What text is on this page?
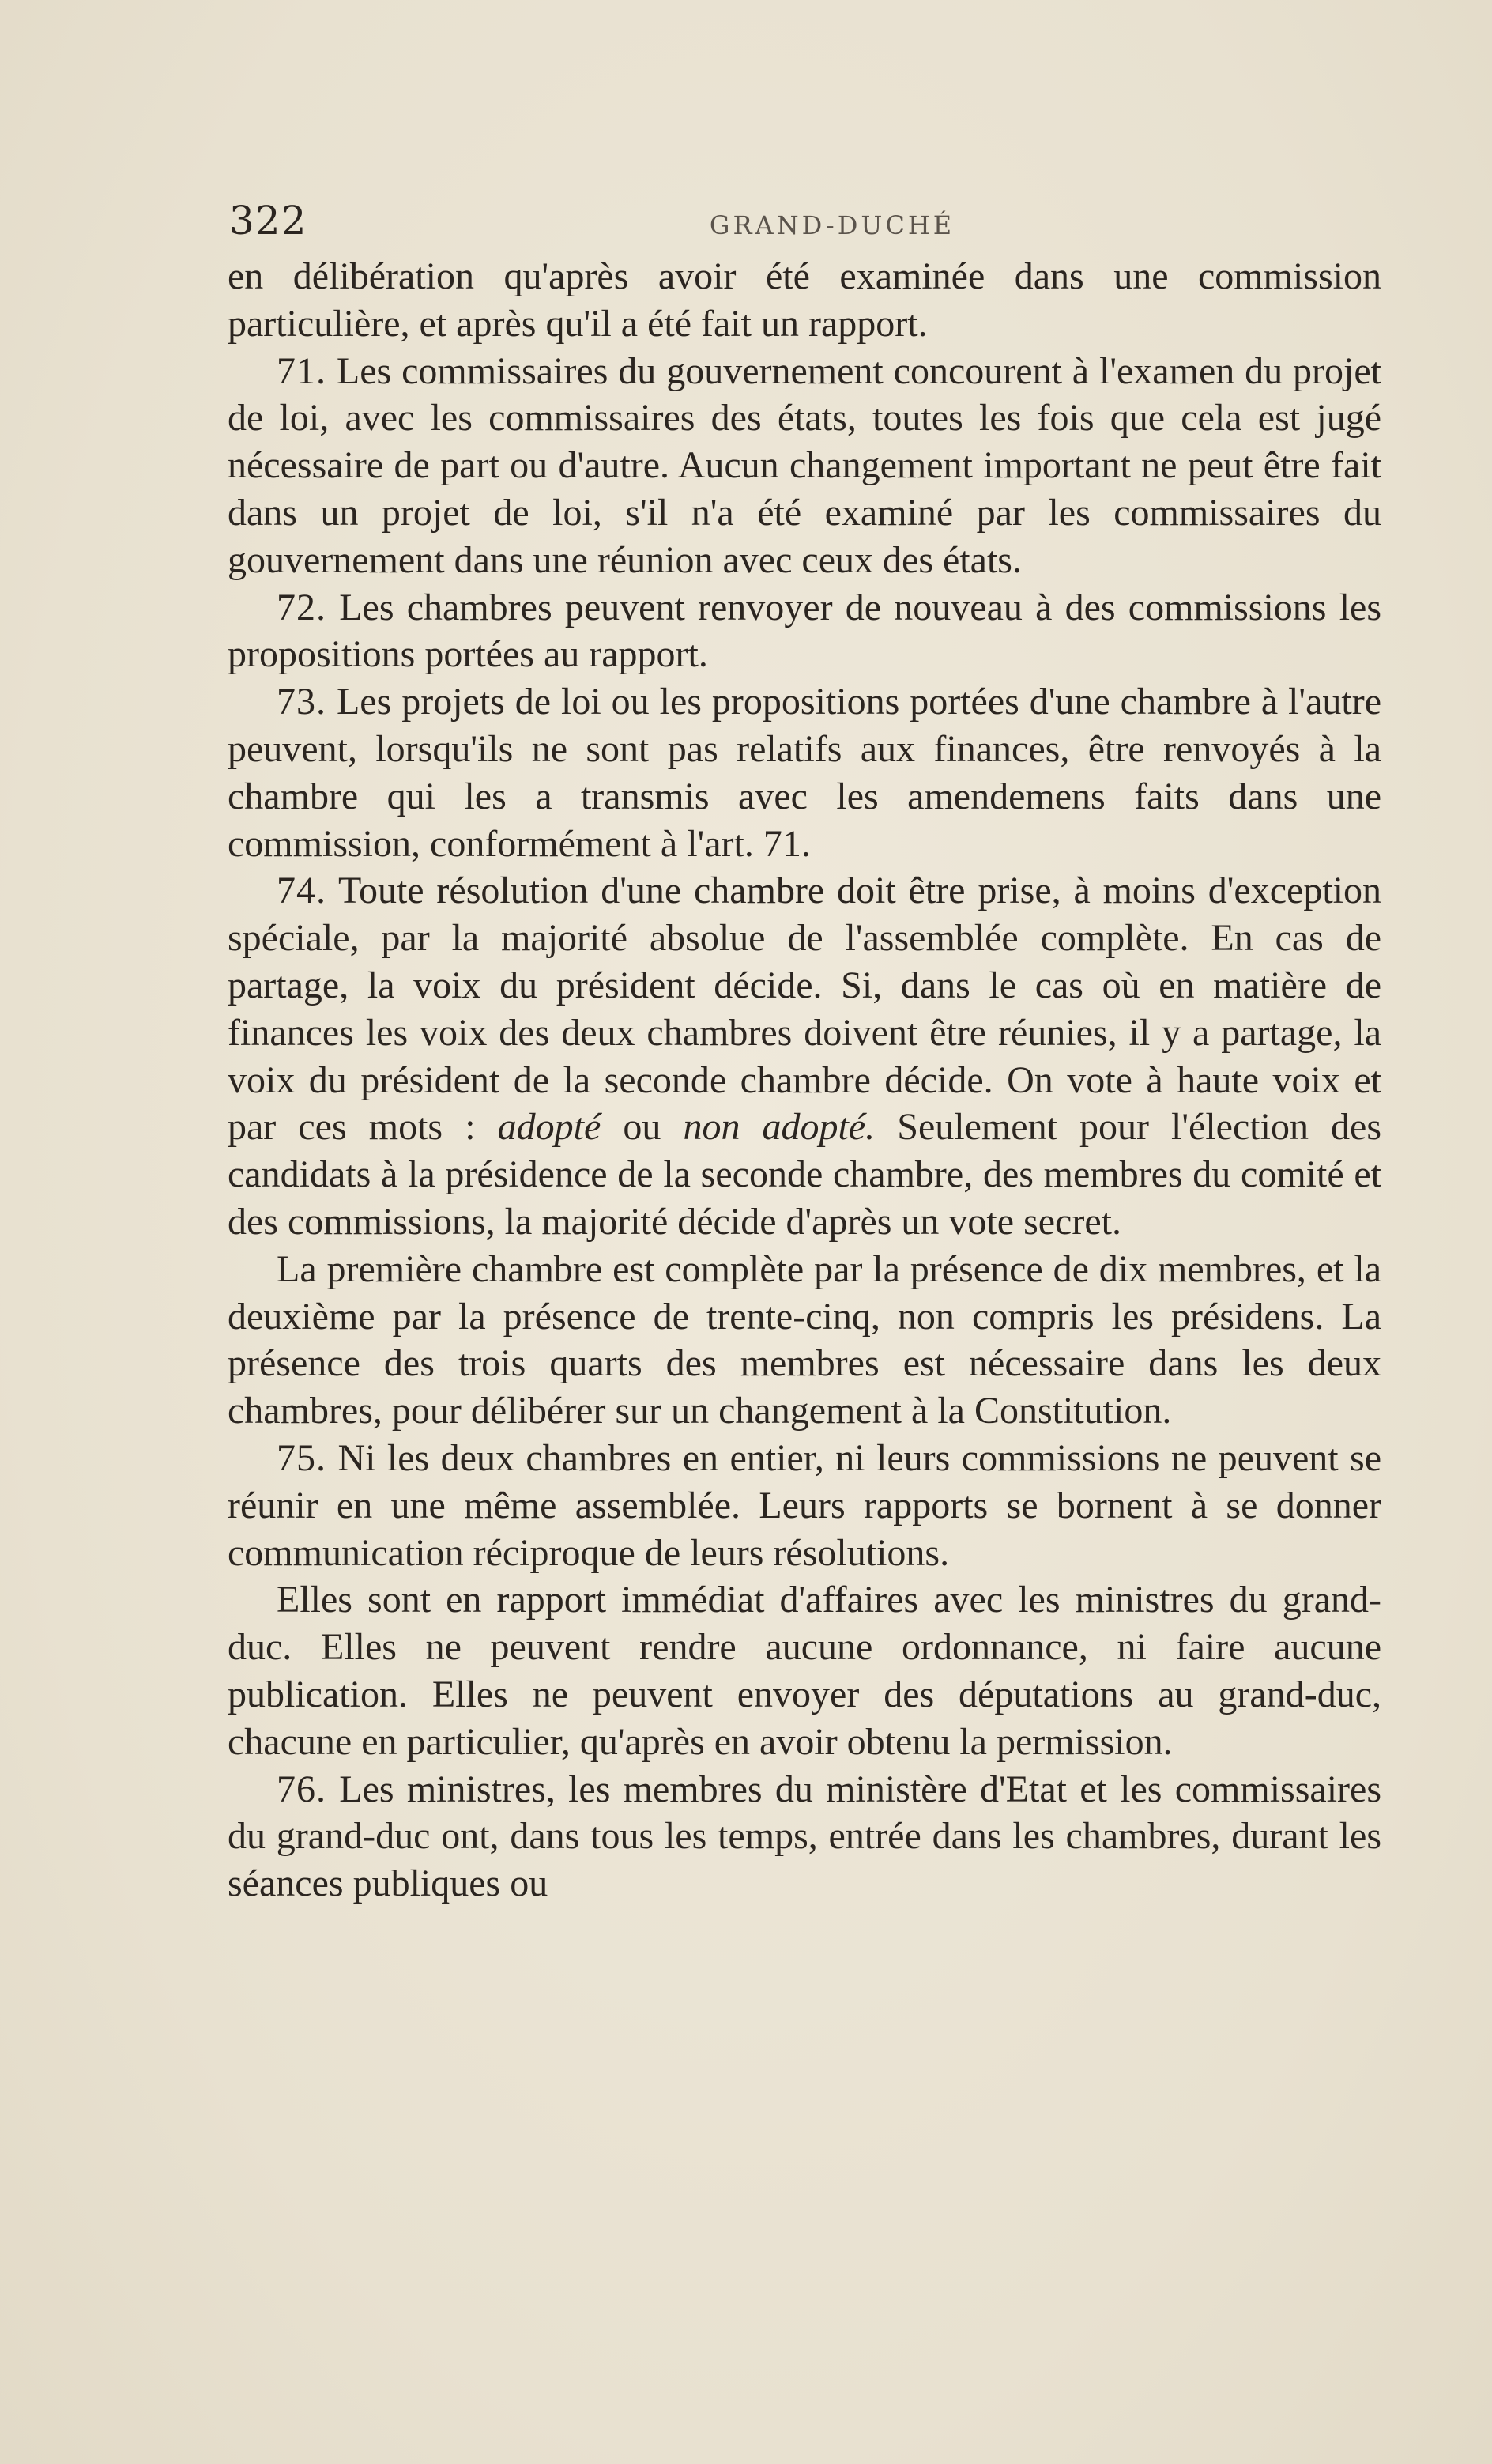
322	GRAND-DUCHÉ

en délibération qu'après avoir été examinée dans une commission particulière, et après qu'il a été fait un rapport.

71. Les commissaires du gouvernement concourent à l'examen du projet de loi, avec les commissaires des états, toutes les fois que cela est jugé nécessaire de part ou d'autre. Aucun changement important ne peut être fait dans un projet de loi, s'il n'a été examiné par les commissaires du gouvernement dans une réunion avec ceux des états.

72. Les chambres peuvent renvoyer de nouveau à des commissions les propositions portées au rapport.

73. Les projets de loi ou les propositions portées d'une chambre à l'autre peuvent, lorsqu'ils ne sont pas relatifs aux finances, être renvoyés à la chambre qui les a transmis avec les amendemens faits dans une commission, conformément à l'art. 71.

74. Toute résolution d'une chambre doit être prise, à moins d'exception spéciale, par la majorité absolue de l'assemblée complète. En cas de partage, la voix du président décide. Si, dans le cas où en matière de finances les voix des deux chambres doivent être réunies, il y a partage, la voix du président de la seconde chambre décide. On vote à haute voix et par ces mots : adopté ou non adopté. Seulement pour l'élection des candidats à la présidence de la seconde chambre, des membres du comité et des commissions, la majorité décide d'après un vote secret.

La première chambre est complète par la présence de dix membres, et la deuxième par la présence de trente-cinq, non compris les présidens. La présence des trois quarts des membres est nécessaire dans les deux chambres, pour délibérer sur un changement à la Constitution.

75. Ni les deux chambres en entier, ni leurs commissions ne peuvent se réunir en une même assemblée. Leurs rapports se bornent à se donner communication réciproque de leurs résolutions.

Elles sont en rapport immédiat d'affaires avec les ministres du grand-duc. Elles ne peuvent rendre aucune ordonnance, ni faire aucune publication. Elles ne peuvent envoyer des députations au grand-duc, chacune en particulier, qu'après en avoir obtenu la permission.

76. Les ministres, les membres du ministère d'Etat et les commissaires du grand-duc ont, dans tous les temps, entrée dans les chambres, durant les séances publiques ou
